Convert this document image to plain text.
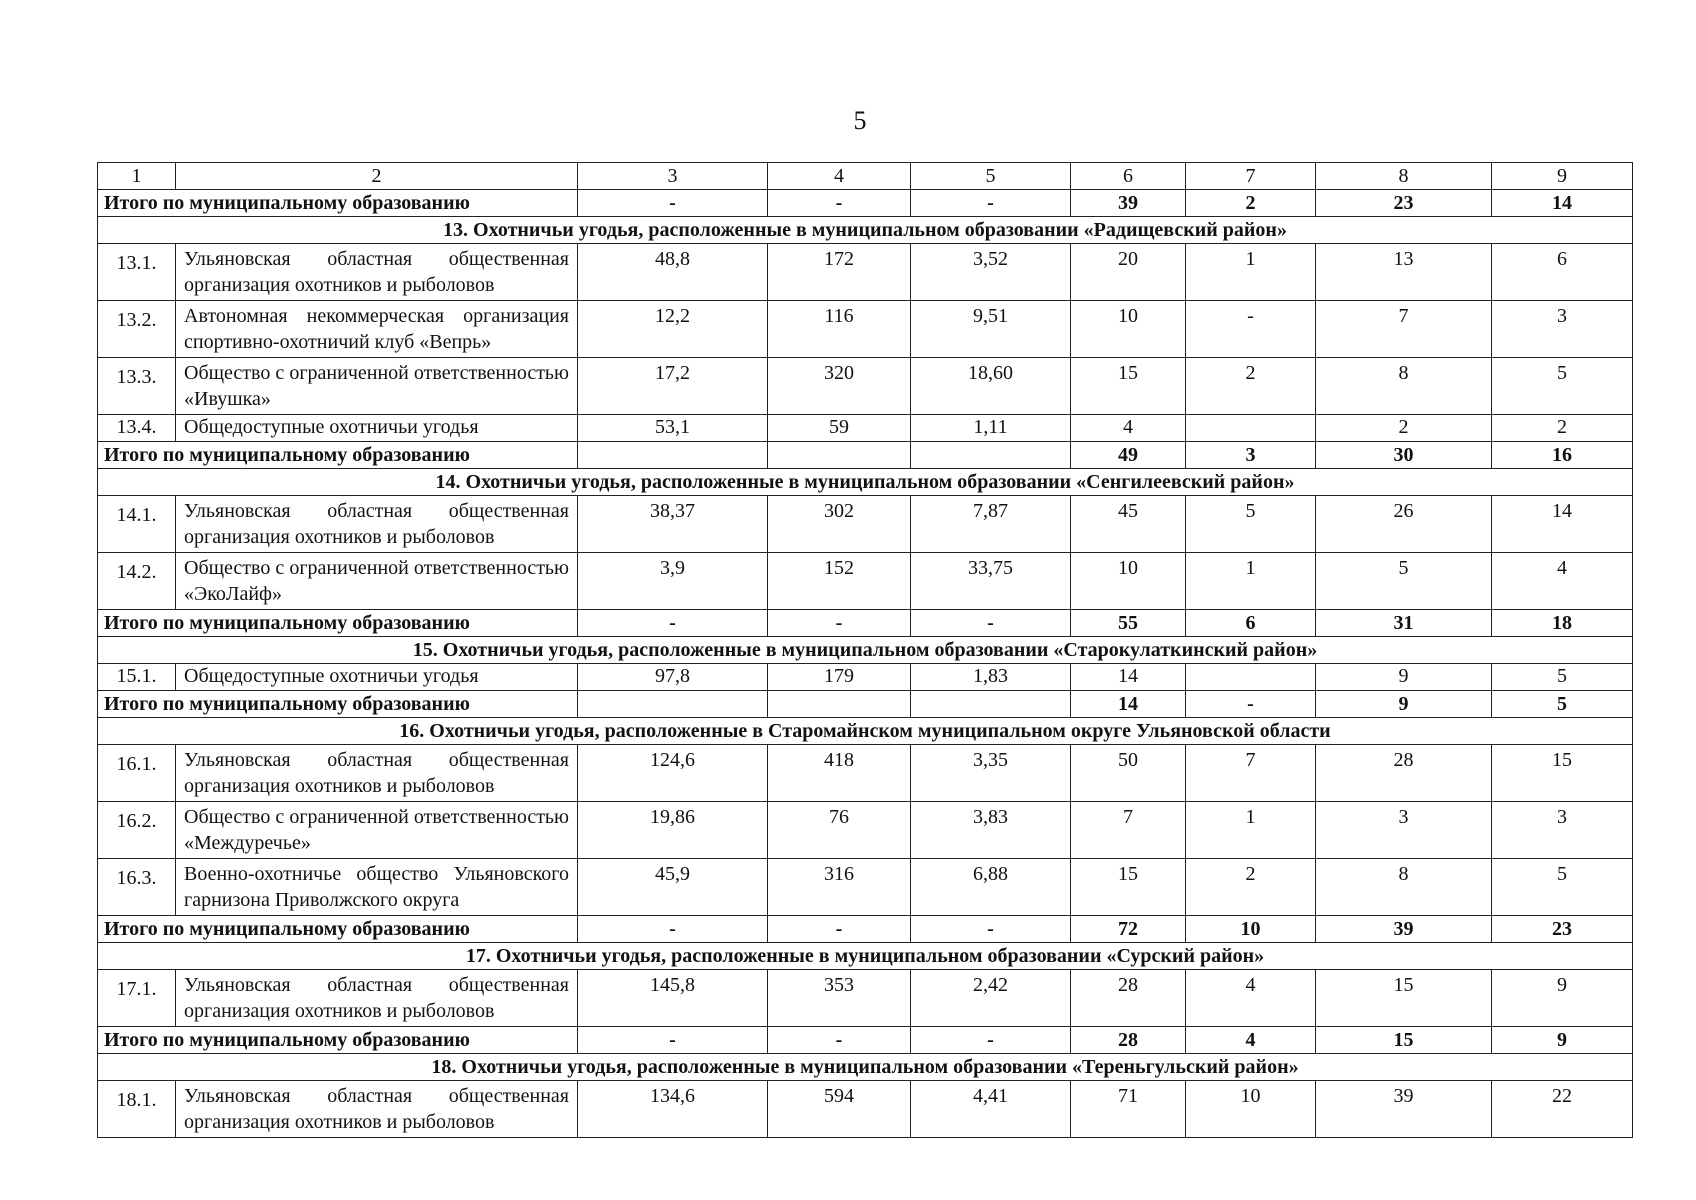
5
1	2	3	4	5	6	7	8	9
Итого по муниципальному образованию		-	-	-	39	2	23	14
13. Охотничьи угодья, расположенные в муниципальном образовании «Радищевский район»								
13.1.	Ульяновская областная общественная организация охотников и рыболовов	48,8	172	3,52	20	1	13	6
13.2.	Автономная некоммерческая организация спортивно-охотничий клуб «Вепрь»	12,2	116	9,51	10	-	7	3
13.3.	Общество с ограниченной ответственностью «Ивушка»	17,2	320	18,60	15	2	8	5
13.4.	Общедоступные охотничьи угодья	53,1	59	1,11	4		2	2
Итого по муниципальному образованию					49	3	30	16
14. Охотничьи угодья, расположенные в муниципальном образовании «Сенгилеевский район»								
14.1.	Ульяновская областная общественная организация охотников и рыболовов	38,37	302	7,87	45	5	26	14
14.2.	Общество с ограниченной ответственностью «ЭкоЛайф»	3,9	152	33,75	10	1	5	4
Итого по муниципальному образованию		-	-	-	55	6	31	18
15. Охотничьи угодья, расположенные в муниципальном образовании «Старокулаткинский район»								
15.1.	Общедоступные охотничьи угодья	97,8	179	1,83	14		9	5
Итого по муниципальному образованию					14	-	9	5
16. Охотничьи угодья, расположенные в Старомайнском муниципальном округе Ульяновской области								
16.1.	Ульяновская областная общественная организация охотников и рыболовов	124,6	418	3,35	50	7	28	15
16.2.	Общество с ограниченной ответственностью «Междуречье»	19,86	76	3,83	7	1	3	3
16.3.	Военно-охотничье общество Ульяновского гарнизона Приволжского округа	45,9	316	6,88	15	2	8	5
Итого по муниципальному образованию		-	-	-	72	10	39	23
17. Охотничьи угодья, расположенные в муниципальном образовании «Сурский район»								
17.1.	Ульяновская областная общественная организация охотников и рыболовов	145,8	353	2,42	28	4	15	9
Итого по муниципальному образованию		-	-	-	28	4	15	9
18. Охотничьи угодья, расположенные в муниципальном образовании «Тереньгульский район»								
18.1.	Ульяновская областная общественная организация охотников и рыболовов	134,6	594	4,41	71	10	39	22
